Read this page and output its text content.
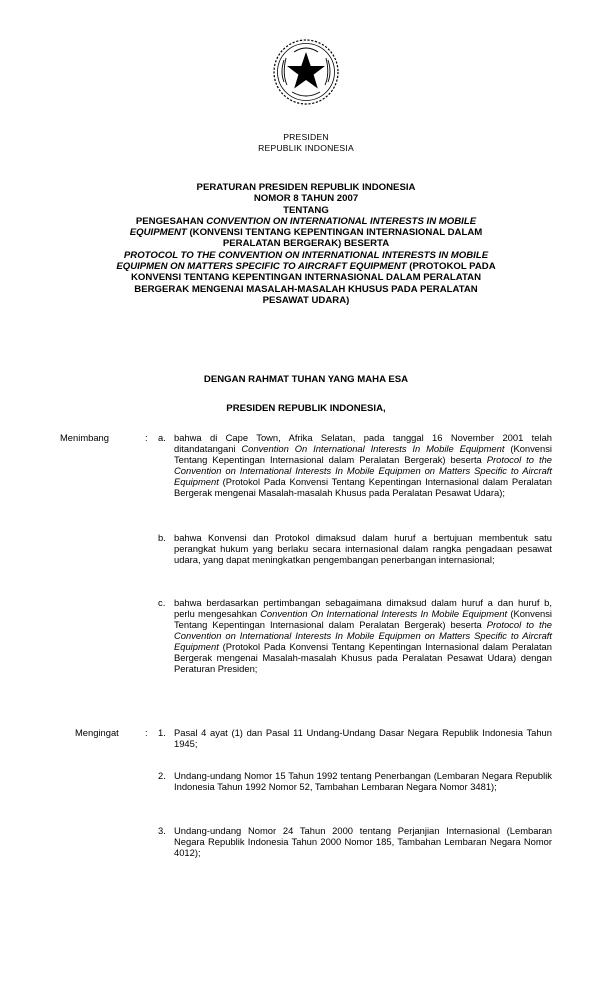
PRESIDEN
REPUBLIK INDONESIA
PERATURAN PRESIDEN REPUBLIK INDONESIA
NOMOR 8 TAHUN 2007
TENTANG
PENGESAHAN CONVENTION ON INTERNATIONAL INTERESTS IN MOBILE
EQUIPMENT (KONVENSI TENTANG KEPENTINGAN INTERNASIONAL DALAM
PERALATAN BERGERAK) BESERTA
PROTOCOL TO THE CONVENTION ON INTERNATIONAL INTERESTS IN MOBILE
EQUIPMEN ON MATTERS SPECIFIC TO AIRCRAFT EQUIPMENT (PROTOKOL PADA
KONVENSI TENTANG KEPENTINGAN INTERNASIONAL DALAM PERALATAN
BERGERAK MENGENAI MASALAH-MASALAH KHUSUS PADA PERALATAN
PESAWAT UDARA)
DENGAN RAHMAT TUHAN YANG MAHA ESA
PRESIDEN REPUBLIK INDONESIA,
Menimbang	: a. bahwa di Cape Town, Afrika Selatan, pada tanggal 16 November 2001 telah ditandatangani Convention On International Interests In Mobile Equipment (Konvensi Tentang Kepentingan Internasional dalam Peralatan Bergerak) beserta Protocol to the Convention on International Interests In Mobile Equipmen on Matters Specific to Aircraft Equipment (Protokol Pada Konvensi Tentang Kepentingan Internasional dalam Peralatan Bergerak mengenai Masalah-masalah Khusus pada Peralatan Pesawat Udara);
b. bahwa Konvensi dan Protokol dimaksud dalam huruf a bertujuan membentuk satu perangkat hukum yang berlaku secara internasional dalam rangka pengadaan pesawat udara, yang dapat meningkatkan pengembangan penerbangan internasional;
c. bahwa berdasarkan pertimbangan sebagaimana dimaksud dalam huruf a dan huruf b, perlu mengesahkan Convention On International Interests In Mobile Equipment (Konvensi Tentang Kepentingan Internasional dalam Peralatan Bergerak) beserta Protocol to the Convention on International Interests In Mobile Equipmen on Matters Specific to Aircraft Equipment (Protokol Pada Konvensi Tentang Kepentingan Internasional dalam Peralatan Bergerak mengenai Masalah-masalah Khusus pada Peralatan Pesawat Udara) dengan Peraturan Presiden;
Mengingat	: 1. Pasal 4 ayat (1) dan Pasal 11 Undang-Undang Dasar Negara Republik Indonesia Tahun 1945;
2. Undang-undang Nomor 15 Tahun 1992 tentang Penerbangan (Lembaran Negara Republik Indonesia Tahun 1992 Nomor 52, Tambahan Lembaran Negara Nomor 3481);
3. Undang-undang Nomor 24 Tahun 2000 tentang Perjanjian Internasional (Lembaran Negara Republik Indonesia Tahun 2000 Nomor 185, Tambahan Lembaran Negara Nomor 4012);
